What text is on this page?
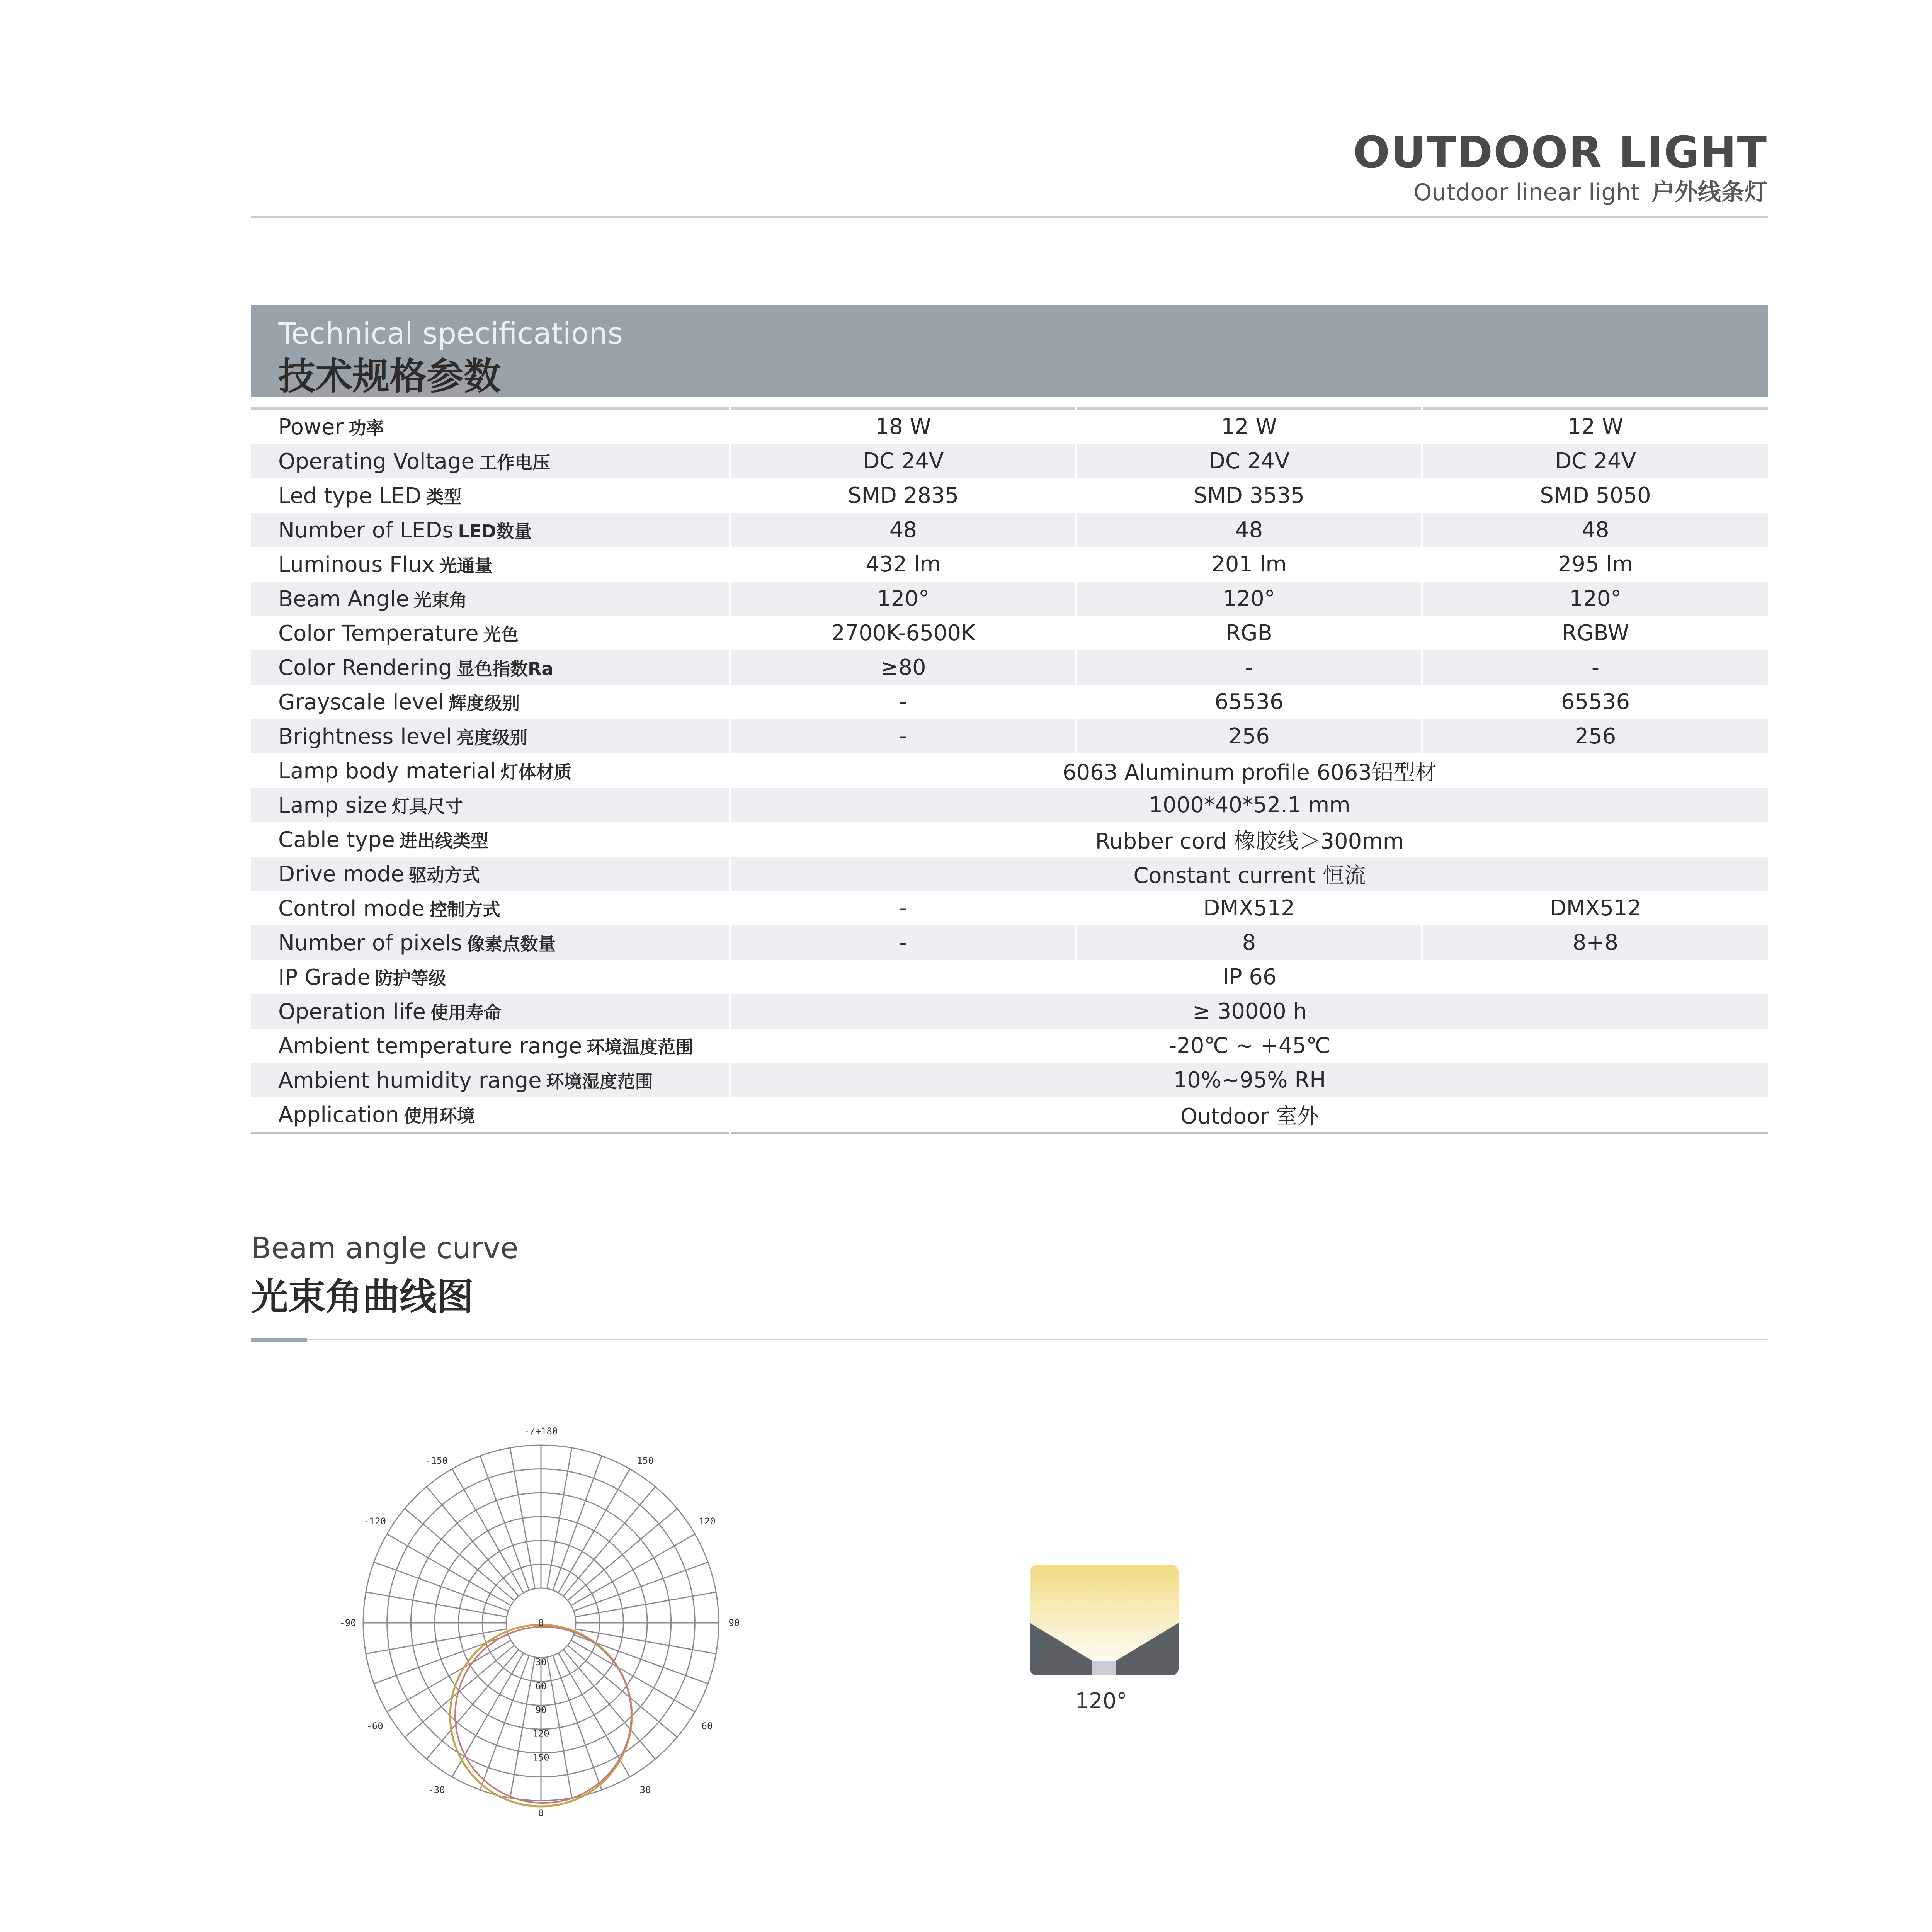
OUTDOOR LIGHT
Outdoor linear light 户外线条灯
Technical specifications
技术规格参数
Power 功率	18 W	12 W	12 W
Operating Voltage 工作电压	DC 24V	DC 24V	DC 24V
Led type LED 类型	SMD 2835	SMD 3535	SMD 5050
Number of LEDs LED数量	48	48	48
Luminous Flux 光通量	432 lm	201 lm	295 lm
Beam Angle 光束角	120°	120°	120°
Color Temperature 光色	2700K-6500K	RGB	RGBW
Color Rendering 显色指数Ra	≥80	-	-
Grayscale level 辉度级别	-	65536	65536
Brightness level 亮度级别	-	256	256
Lamp body material 灯体材质	6063 Aluminum profile 6063铝型材		
Lamp size 灯具尺寸	1000*40*52.1 mm		
Cable type 进出线类型	Rubber cord 橡胶线＞300mm		
Drive mode 驱动方式	Constant current 恒流		
Control mode 控制方式	-	DMX512	DMX512
Number of pixels 像素点数量	-	8	8+8
IP Grade 防护等级	IP 66		
Operation life 使用寿命	≥ 30000 h		
Ambient temperature range 环境温度范围	-20℃ ~ +45℃		
Ambient humidity range 环境湿度范围	10%~95% RH		
Application 使用环境	Outdoor 室外		
Beam angle curve
光束角曲线图
-/+180
-150	150
-120	120
-90	90
-60	60
-30	30
0
0
30
60
90
120
150
120°
